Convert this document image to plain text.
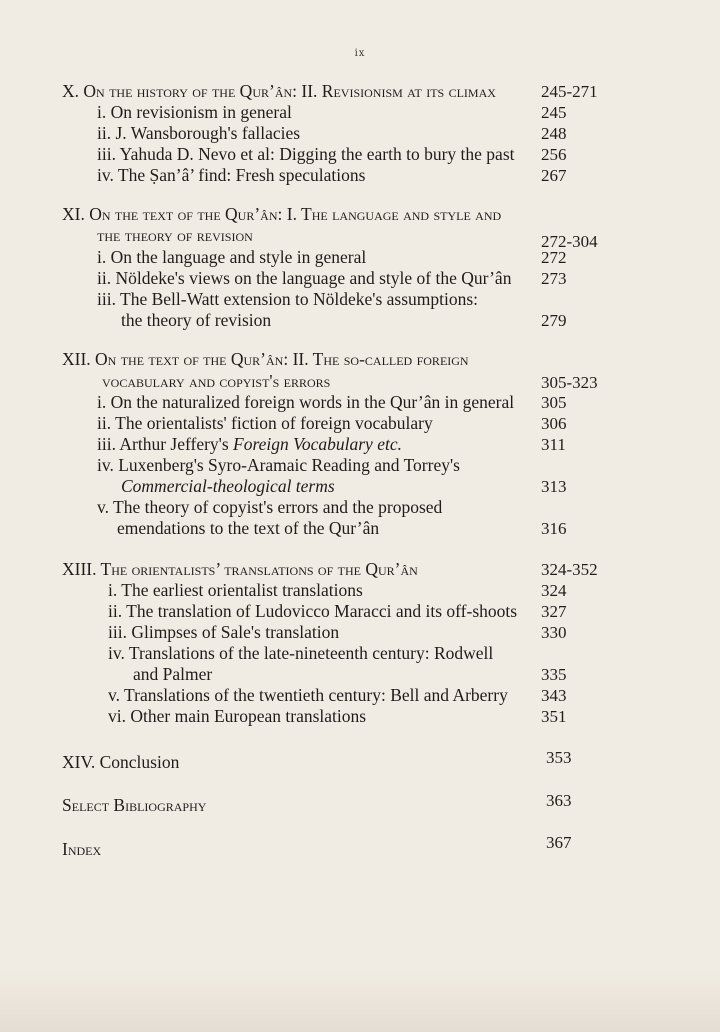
ix
X. On the history of the Qur’ân: II. Revisionism at its climax	245-271
i. On revisionism in general	245
ii. J. Wansborough's fallacies	248
iii. Yahuda D. Nevo et al: Digging the earth to bury the past 256
iv. The Ṣan’â’ find: Fresh speculations	267
XI. On the text of the Qur’ân: I. The language and style and
the theory of revision	272-304
i. On the language and style in general	272
ii. Nöldeke's views on the language and style of the Qur’ân 273
iii. The Bell-Watt extension to Nöldeke's assumptions:
the theory of revision	279
XII. On the text of the Qur’ân: II. The so-called foreign
vocabulary and copyist's errors	305-323
i. On the naturalized foreign words in the Qur’ân in general 305
ii. The orientalists' fiction of foreign vocabulary	306
iii. Arthur Jeffery's Foreign Vocabulary etc.	311
iv. Luxenberg's Syro-Aramaic Reading and Torrey's
Commercial-theological terms	313
v. The theory of copyist's errors and the proposed
emendations to the text of the Qur’ân	316
XIII. The orientalists’ translations of the Qur’ân	324-352
i. The earliest orientalist translations	324
ii. The translation of Ludovicco Maracci and its off-shoots 327
iii. Glimpses of Sale's translation	330
iv. Translations of the late-nineteenth century: Rodwell
and Palmer	335
v. Translations of the twentieth century: Bell and Arberry 343
vi. Other main European translations	351
XIV. Conclusion	353
Select Bibliography	363
Index	367
